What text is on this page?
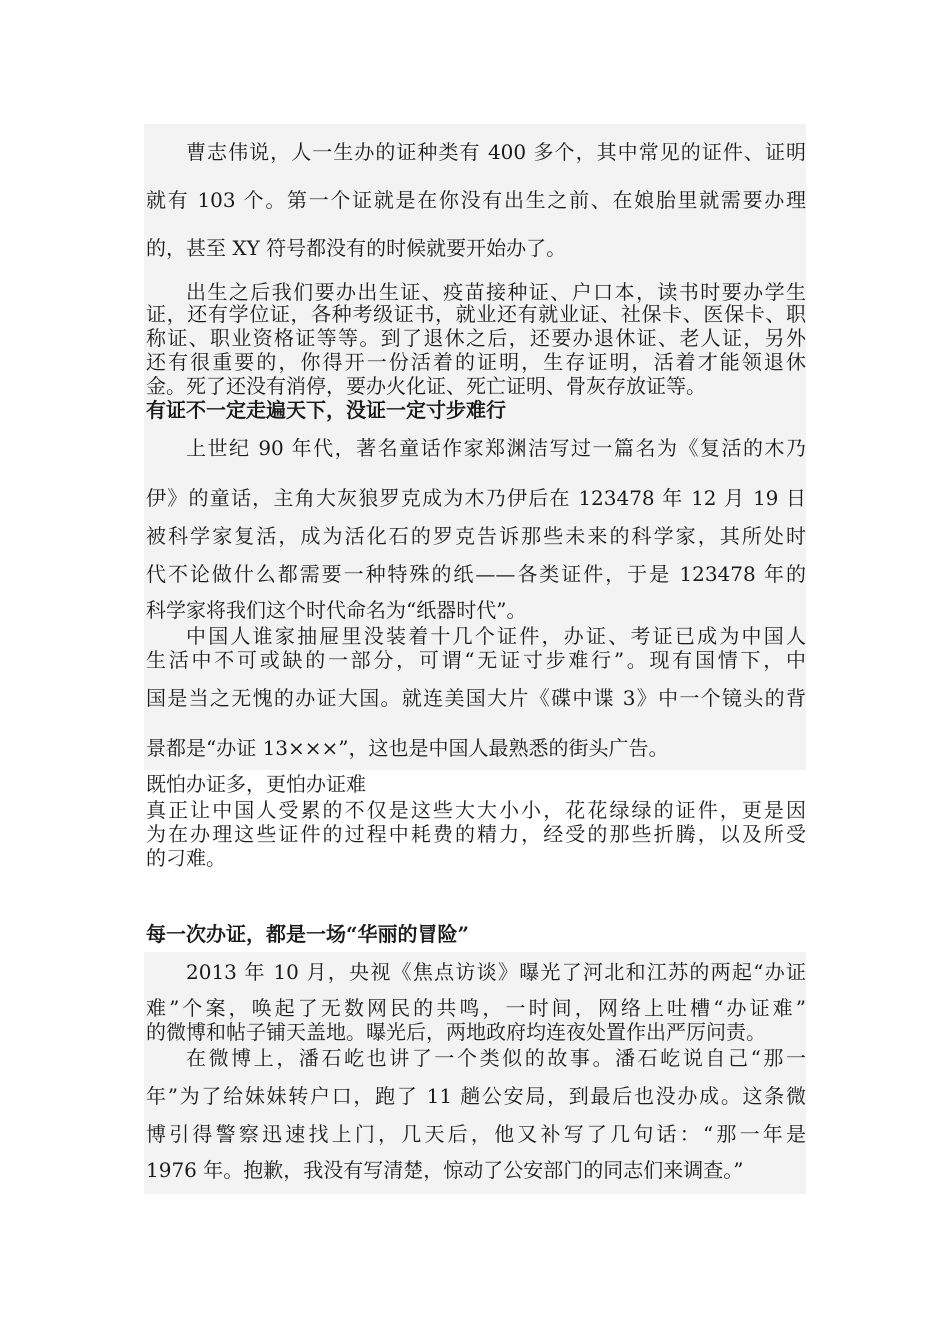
曹志伟说，人一生办的证种类有 400 多个，其中常见的证件、证明
就有 103 个。第一个证就是在你没有出生之前、在娘胎里就需要办理
的，甚至 XY 符号都没有的时候就要开始办了。
出生之后我们要办出生证、疫苗接种证、户口本，读书时要办学生
证，还有学位证，各种考级证书，就业还有就业证、社保卡、医保卡、职
称证、职业资格证等等。到了退休之后，还要办退休证、老人证，另外
还有很重要的，你得开一份活着的证明，生存证明，活着才能领退休
金。死了还没有消停，要办火化证、死亡证明、骨灰存放证等。
有证不一定走遍天下，没证一定寸步难行
上世纪 90 年代，著名童话作家郑渊洁写过一篇名为《复活的木乃
伊》的童话，主角大灰狼罗克成为木乃伊后在 123478 年 12 月 19 日
被科学家复活，成为活化石的罗克告诉那些未来的科学家，其所处时
代不论做什么都需要一种特殊的纸——各类证件，于是 123478 年的
科学家将我们这个时代命名为“纸器时代”。
中国人谁家抽屉里没装着十几个证件，办证、考证已成为中国人
生活中不可或缺的一部分，可谓“无证寸步难行”。现有国情下，中
国是当之无愧的办证大国。就连美国大片《碟中谍 3》中一个镜头的背
景都是“办证 13×××”，这也是中国人最熟悉的街头广告。
既怕办证多，更怕办证难
真正让中国人受累的不仅是这些大大小小，花花绿绿的证件，更是因
为在办理这些证件的过程中耗费的精力，经受的那些折腾，以及所受
的刁难。
每一次办证，都是一场“华丽的冒险”
2013 年 10 月，央视《焦点访谈》曝光了河北和江苏的两起“办证
难”个案，唤起了无数网民的共鸣，一时间，网络上吐槽“办证难”
的微博和帖子铺天盖地。曝光后，两地政府均连夜处置作出严厉问责。
在微博上，潘石屹也讲了一个类似的故事。潘石屹说自己“那一
年”为了给妹妹转户口，跑了 11 趟公安局，到最后也没办成。这条微
博引得警察迅速找上门，几天后，他又补写了几句话：“那一年是
1976 年。抱歉，我没有写清楚，惊动了公安部门的同志们来调查。”
